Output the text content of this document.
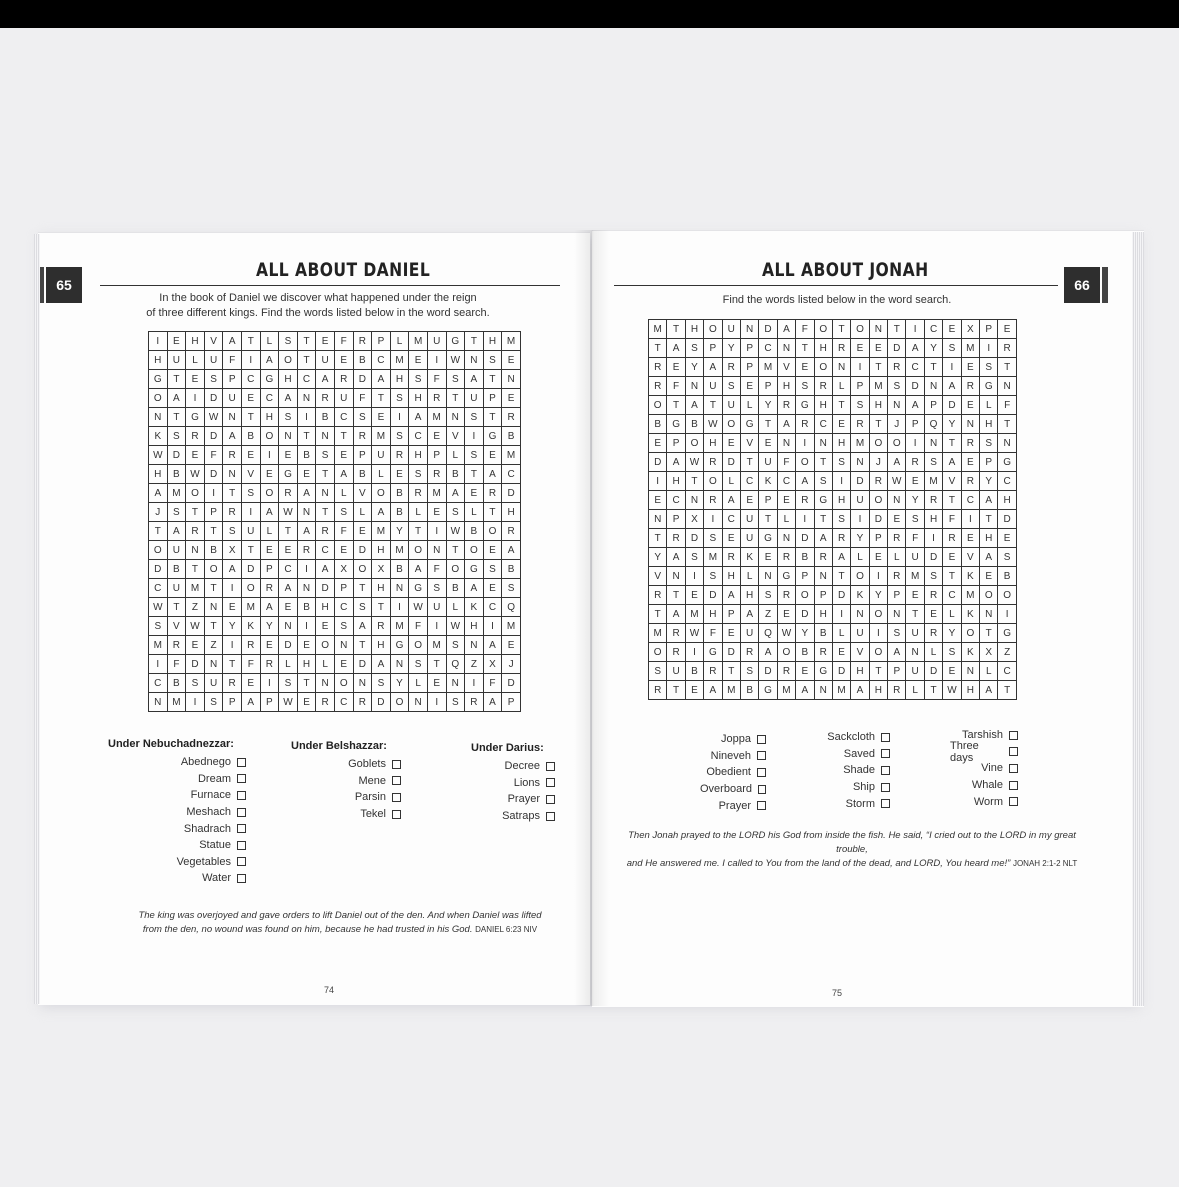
65
ALL ABOUT DANIEL
In the book of Daniel we discover what happened under the reign
of three different kings. Find the words listed below in the word search.
I	E	H	V	A	T	L	S	T	E	F	R	P	L	M	U	G	T	H	M
H	U	L	U	F	I	A	O	T	U	E	B	C	M	E	I	W	N	S	E
G	T	E	S	P	C	G	H	C	A	R	D	A	H	S	F	S	A	T	N
O	A	I	D	U	E	C	A	N	R	U	F	T	S	H	R	T	U	P	E
N	T	G W	N	T	H	S	I	B	C	S	E	I	A	M	N	S	T	R
K	S	R	D	A	B	O	N	T	N	T	R	M	S	C	E	V	I	G	B
W	D	E	F	R	E	I	E	B	S	E	P	U	R	H	P	L	S	E	M
H	B	W	D	N	V	E	G	E	T	A	B	L	E	S	R	B	T	A	C
A	M	O	I	T	S	O	R	A	N	L	V	O	B	R	M	A	E	R	D
J	S	T	P	R	I	A	W	N	T	S	L	A	B	L	E	S	L	T	H
T	A	R	T	S	U	L	T	A	R	F	E	M	Y	T	I	W	B	O	R
O	U	N	B	X	T	E	E	R	C	E	D	H	M	O	N	T	O	E	A
D	B	T	O	A	D	P	C	I	A	X	O	X	B	A	F	O	G	S	B
C	U	M	T	I	O	R	A	N	D	P	T	H	N	G	S	B	A	E	S
W	T	Z	N	E	M	A	E	B	H	C	S	T	I	W	U	L	K	C	Q
S	V	W	T	Y	K	Y	N	I	E	S	A	R	M	F	I	W	H	I	M
M	R	E	Z	I	R	E	D	E	O	N	T	H	G	O	M	S	N	A	E
I	F	D	N	T	F	R	L	H	L	E	D	A	N	S	T	Q	Z	X	J
C	B	S	U	R	E	I	S	T	N	O	N	S	Y	L	E	N	I	F	D
N	M	I	S	P	A	P	W	E	R	C	R	D	O	N	I	S	R	A	P
Under Nebuchadnezzar:
Abednego
Dream
Furnace
Meshach
Shadrach
Statue
Vegetables
Water
Under Belshazzar:
Goblets
Mene
Parsin
Tekel
Under Darius:
Decree
Lions
Prayer
Satraps
The king was overjoyed and gave orders to lift Daniel out of the den. And when Daniel was lifted
from the den, no wound was found on him, because he had trusted in his God. DANIEL 6:23 NIV
74
ALL ABOUT JONAH
66
Find the words listed below in the word search.
M	T	H	O	U	N	D	A	F	O	T	O	N	T	I	C	E	X	P	E
T	A	S	P	Y	P	C	N	T	H	R	E	E	D	A	Y	S	M	I	R
R	E	Y	A	R	P	M	V	E	O	N	I	T	R	C	T	I	E	S	T
R	F	N	U	S	E	P	H	S	R	L	P	M	S	D	N	A	R	G	N
O	T	A	T	U	L	Y	R	G	H	T	S	H	N	A	P	D	E	L	F
B	G	B	W O	G	T	A	R	C	E	R	T	J	P	Q	Y	N	H	T
E	P	O	H	E	V	E	N	I	N	H	M	O	O	I	N	T	R	S	N
D	A	W	R	D	T	U	F	O	T	S	N	J	A	R	S	A	E	P	G
I	H	T	O	L	C	K	C	A	S	I	D	R	W	E	M	V	R	Y	C
E	C	N	R	A	E	P	E	R	G	H	U	O	N	Y	R	T	C	A	H
N	P	X	I	C	U	T	L	I	T	S	I	D	E	S	H	F	I	T	D
T	R	D	S	E	U	G	N	D	A	R	Y	P	R	F	I	R	E	H	E
Y	A	S	M	R	K	E	R	B	R	A	L	E	L	U	D	E	V	A	S
V	N	I	S	H	L	N	G	P	N	T	O	I	R	M	S	T	K	E	B
R	T	E	D	A	H	S	R	O	P	D	K	Y	P	E	R	C	M	O	O
T	A	M	H	P	A	Z	E	D	H	I	N	O	N	T	E	L	K	N	I
M	R	W	F	E	U	Q W	Y	B	L	U	I	S	U	R	Y	O	T	G
O	R	I	G	D	R	A	O	B	R	E	V	O	A	N	L	S	K	X	Z
S	U	B	R	T	S	D	R	E	G	D	H	T	P	U	D	E	N	L	C
R	T	E	A	M	B	G	M	A	N	M	A	H	R	L	T	W	H	A	T
Joppa
Nineveh
Obedient
Overboard
Prayer
Sackcloth
Saved
Shade
Ship
Storm
Tarshish
Three days
Vine
Whale
Worm
Then Jonah prayed to the LORD his God from inside the fish. He said, “I cried out to the LORD in my great trouble,
and He answered me. I called to You from the land of the dead, and LORD, You heard me!” JONAH 2:1-2 NLT
75
